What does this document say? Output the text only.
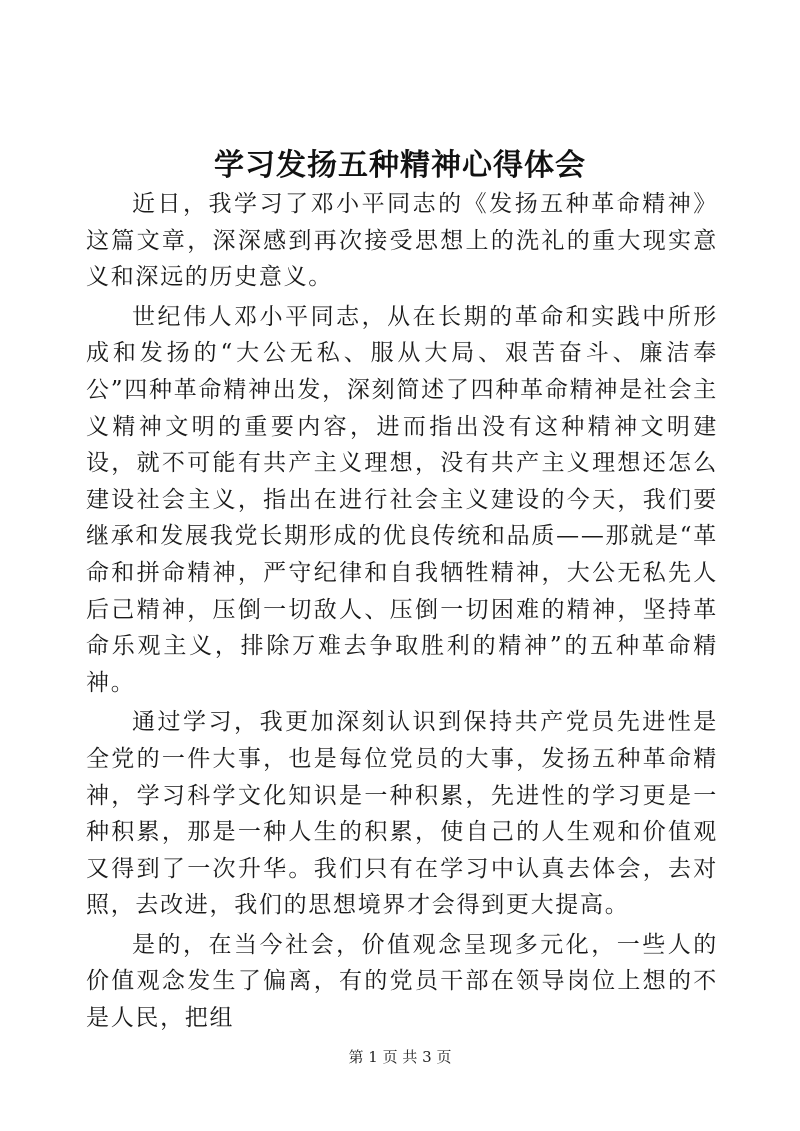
学习发扬五种精神心得体会

近日，我学习了邓小平同志的《发扬五种革命精神》这篇文章，深深感到再次接受思想上的洗礼的重大现实意义和深远的历史意义。

世纪伟人邓小平同志，从在长期的革命和实践中所形成和发扬的“大公无私、服从大局、艰苦奋斗、廉洁奉公”四种革命精神出发，深刻简述了四种革命精神是社会主义精神文明的重要内容，进而指出没有这种精神文明建设，就不可能有共产主义理想，没有共产主义理想还怎么建设社会主义，指出在进行社会主义建设的今天，我们要继承和发展我党长期形成的优良传统和品质——那就是“革命和拼命精神，严守纪律和自我牺牲精神，大公无私先人后己精神，压倒一切敌人、压倒一切困难的精神，坚持革命乐观主义，排除万难去争取胜利的精神”的五种革命精神。

通过学习，我更加深刻认识到保持共产党员先进性是全党的一件大事，也是每位党员的大事，发扬五种革命精神，学习科学文化知识是一种积累，先进性的学习更是一种积累，那是一种人生的积累，使自己的人生观和价值观又得到了一次升华。我们只有在学习中认真去体会，去对照，去改进，我们的思想境界才会得到更大提高。

是的，在当今社会，价值观念呈现多元化，一些人的价值观念发生了偏离，有的党员干部在领导岗位上想的不是人民，把组

第 1 页 共 3 页
